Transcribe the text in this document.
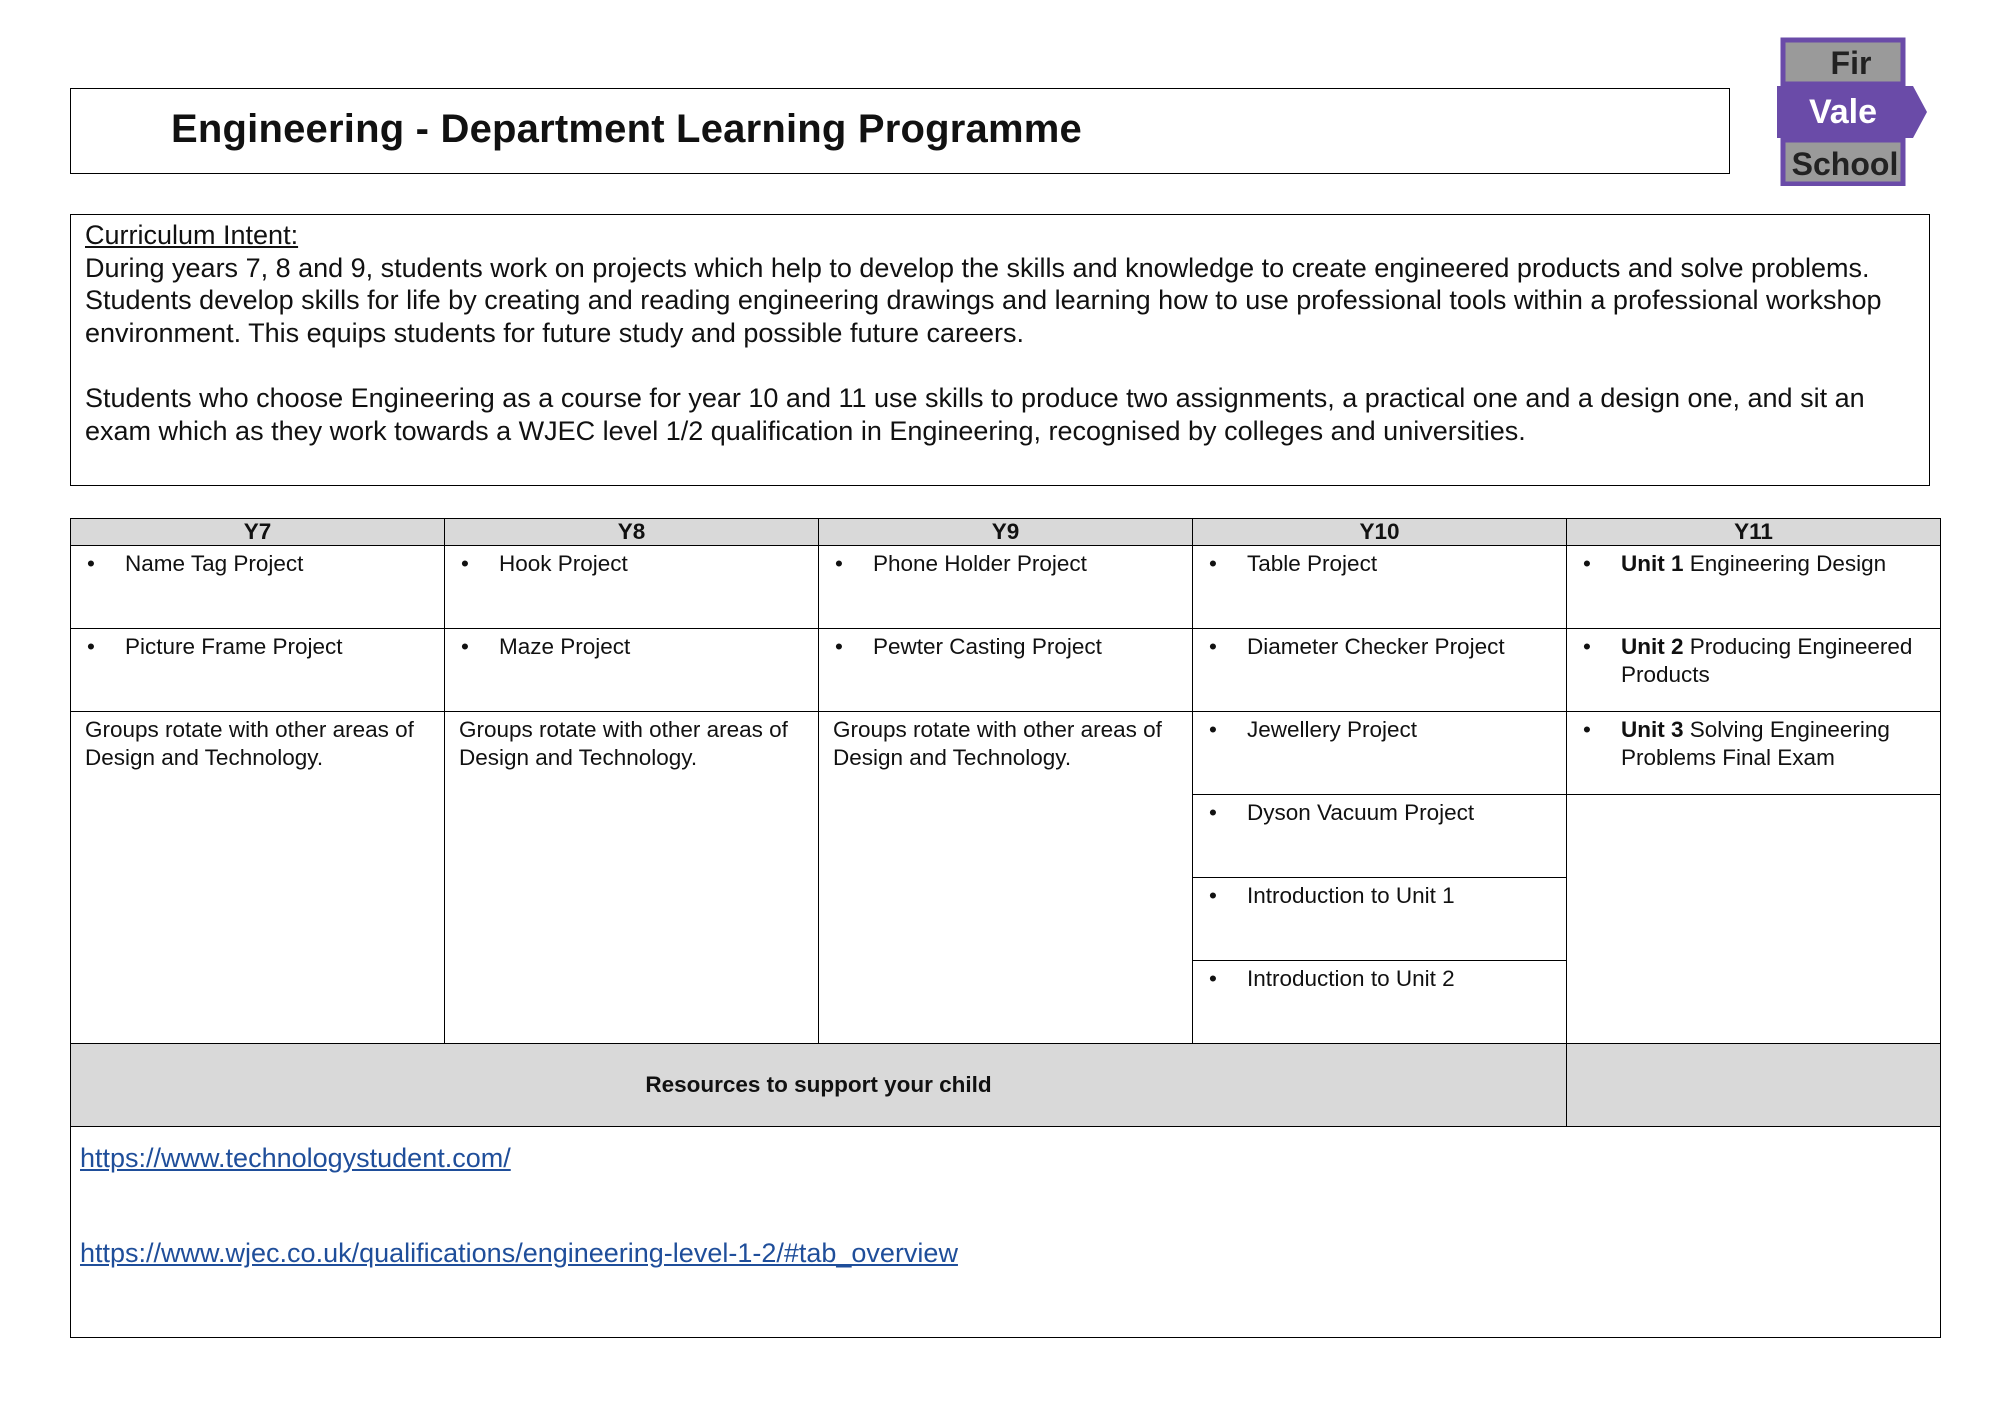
Engineering - Department Learning Programme
Fir
Vale
School
Curriculum Intent:

During years 7, 8 and 9, students work on projects which help to develop the skills and knowledge to create engineered products and solve problems. Students develop skills for life by creating and reading engineering drawings and learning how to use professional tools within a professional workshop environment. This equips students for future study and possible future careers.

Students who choose Engineering as a course for year 10 and 11 use skills to produce two assignments, a practical one and a design one, and sit an exam which as they work towards a WJEC level 1/2 qualification in Engineering, recognised by colleges and universities.

Y7	Y8	Y9	Y10	Y11

• Name Tag Project	• Hook Project	• Phone Holder Project	• Table Project	• Unit 1 Engineering Design

• Picture Frame Project	• Maze Project	• Pewter Casting Project	• Diameter Checker Project	• Unit 2 Producing Engineered Products

Groups rotate with other areas of Design and Technology.	Groups rotate with other areas of Design and Technology.	Groups rotate with other areas of Design and Technology.	• Jewellery Project	• Unit 3 Solving Engineering Problems Final Exam

			• Dyson Vacuum Project	

			• Introduction to Unit 1	

			• Introduction to Unit 2	

Resources to support your child				

https://www.technologystudent.com/
https://www.wjec.co.uk/qualifications/engineering-level-1-2/#tab_overview
